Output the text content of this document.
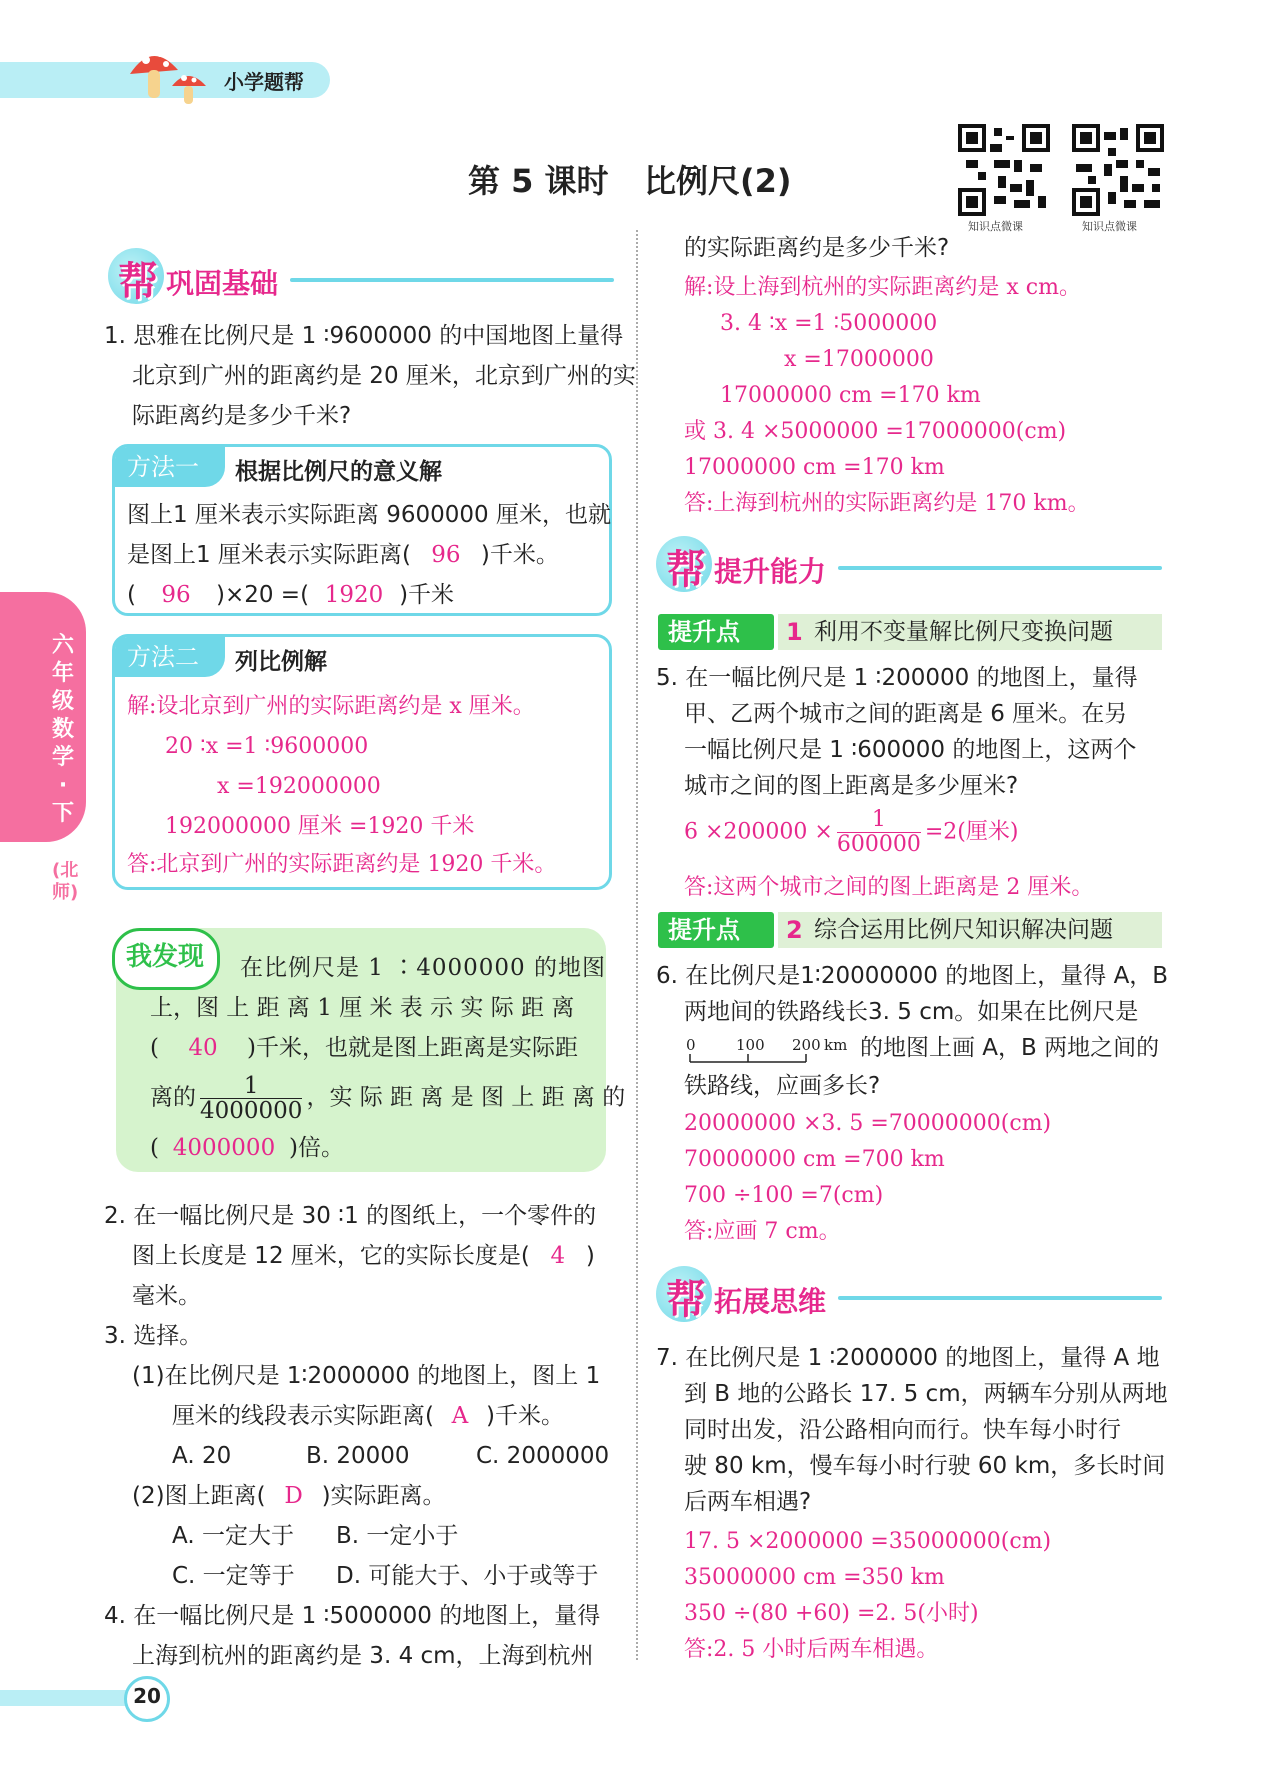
小学题帮
第 5 课时 比例尺(2)
知识点微课	知识点微课
六年级数学·下
(北师)
帮 巩固基础
1. 思雅在比例尺是 1 ∶9600000 的中国地图上量得北京到广州的距离约是 20 厘米，北京到广州的实际距离约是多少千米?
方法一	根据比例尺的意义解
图上1 厘米表示实际距离 9600000 厘米，也就
是图上1 厘米表示实际距离( 96 )千米。
( 96 )×20 =( 1920 )千米
方法二	列比例解
解:设北京到广州的实际距离约是 x 厘米。
20 ∶x =1 ∶9600000
x =192000000
192000000 厘米 =1920 千米
答:北京到广州的实际距离约是 1920 千米。
我发现 在比例尺是 1 ∶4000000 的地图
上，图 上 距 离 1 厘 米 表 示 实 际 距 离
( 40 )千米，也就是图上距离是实际距
离的 $\frac{1}{4000000}$ ，实 际 距 离 是 图 上 距 离 的
( 4000000 )倍。
2. 在一幅比例尺是 30 ∶1 的图纸上，一个零件的
图上长度是 12 厘米，它的实际长度是( 4 )
毫米。
3. 选择。
(1)在比例尺是 1∶2000000 的地图上，图上 1
厘米的线段表示实际距离( A )千米。
A. 20	B. 20000	C. 2000000
(2)图上距离( D )实际距离。
A. 一定大于 B. 一定小于
C. 一定等于 D. 可能大于、小于或等于
4. 在一幅比例尺是 1 ∶5000000 的地图上，量得
上海到杭州的距离约是 3. 4 cm，上海到杭州
的实际距离约是多少千米?
解:设上海到杭州的实际距离约是 x cm。
3. 4 ∶x =1 ∶5000000
x =17000000
17000000 cm =170 km
或 3. 4 ×5000000 =17000000(cm)
17000000 cm =170 km
答:上海到杭州的实际距离约是 170 km。
帮 提升能力
提升点	1 利用不变量解比例尺变换问题
5. 在一幅比例尺是 1 ∶200000 的地图上，量得
甲、乙两个城市之间的距离是 6 厘米。在另
一幅比例尺是 1 ∶600000 的地图上，这两个
城市之间的图上距离是多少厘米?
$6 \times 200000 \times \frac{1}{600000} =2$(厘米)
答:这两个城市之间的图上距离是 2 厘米。
提升点	2 综合运用比例尺知识解决问题
6. 在比例尺是1∶20000000 的地图上，量得 A，B
两地间的铁路线长3. 5 cm。如果在比例尺是
0	100 200 km 的地图上画 A，B 两地之间的
铁路线，应画多长?
20000000 ×3. 5 =70000000(cm)
70000000 cm =700 km
700 ÷100 =7(cm)
答:应画 7 cm。
帮 拓展思维
7. 在比例尺是 1 ∶2000000 的地图上，量得 A 地
到 B 地的公路长 17. 5 cm，两辆车分别从两地
同时出发，沿公路相向而行。快车每小时行
驶 80 km，慢车每小时行驶 60 km，多长时间
后两车相遇?
17. 5 ×2000000 =35000000(cm)
35000000 cm =350 km
350 ÷(80 +60) =2. 5(小时)
答:2. 5 小时后两车相遇。
20
